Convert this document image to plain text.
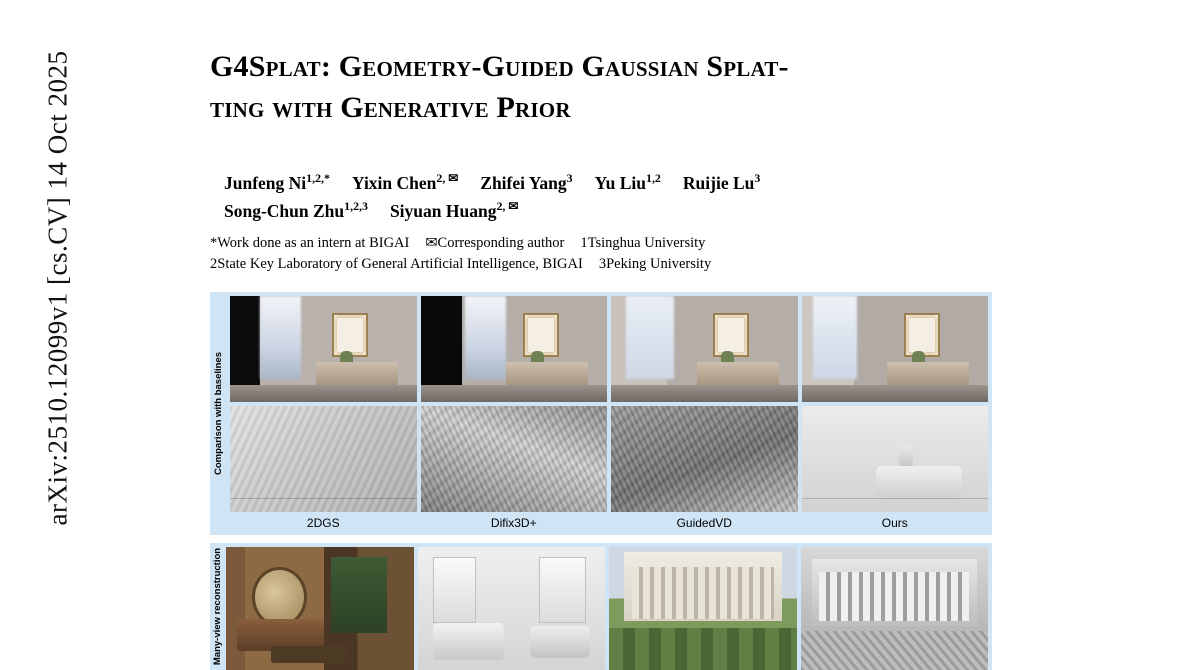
arXiv:2510.12099v1 [cs.CV] 14 Oct 2025	G4Splat: Geometry-Guided Gaussian Splat-
ting with Generative Prior
Junfeng $Ni^{1,2,*}$ Yixin Chen$^{2, ✉}$ Zhifei Yang$^3$ Yu Liu$^{1,2}$ Ruijie Lu$^3$
Song-Chun Zhu$^{1,2,3}$ Siyuan Huang$^{2, ✉}$
*Work done as an intern at BIGAI ✉Corresponding author 1Tsinghua University
2State Key Laboratory of General Artificial Intelligence, BIGAI 3Peking University
Comparison with baselines
2DGS	Difix3D+	GuidedVD	Ours
Many-view reconstruction
